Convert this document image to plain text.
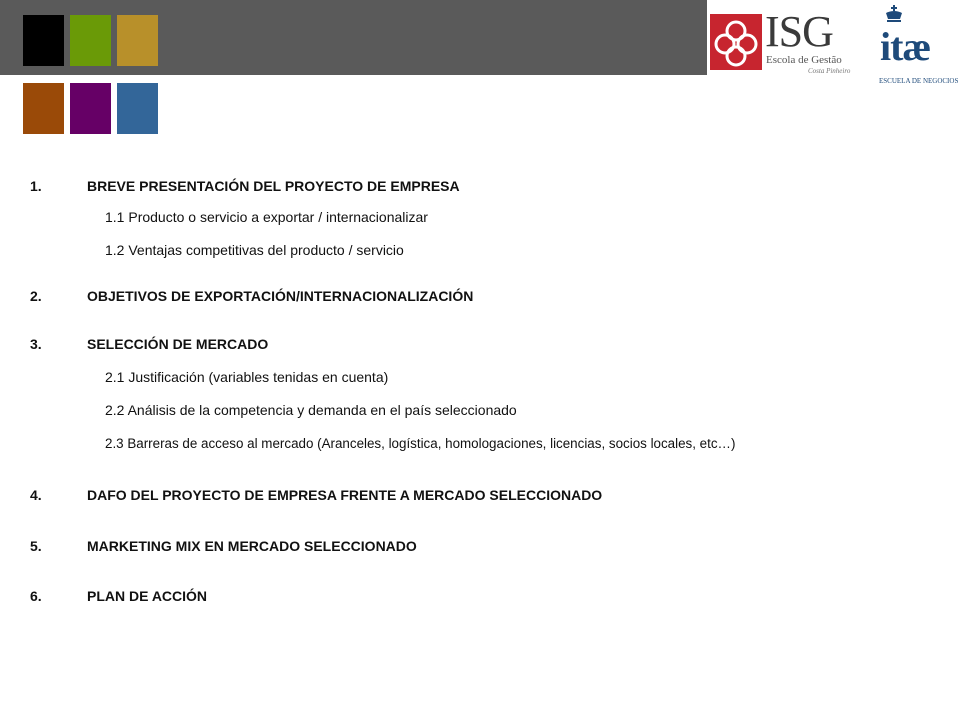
ISG
Escola de Gestão
Costa Pinheiro
itæ
ESCUELA DE NEGOCIOS
1.	BREVE PRESENTACIÓN DEL PROYECTO DE EMPRESA
1.1 Producto o servicio a exportar / internacionalizar
1.2 Ventajas competitivas del producto / servicio
2.	OBJETIVOS DE EXPORTACIÓN/INTERNACIONALIZACIÓN
3.	SELECCIÓN DE MERCADO
2.1 Justificación (variables tenidas en cuenta)
2.2 Análisis de la competencia y demanda en el país seleccionado
2.3 Barreras de acceso al mercado (Aranceles, logística, homologaciones, licencias, socios locales, etc…)
4.	DAFO DEL PROYECTO DE EMPRESA FRENTE A MERCADO SELECCIONADO
5.	MARKETING MIX EN MERCADO SELECCIONADO
6.	PLAN DE ACCIÓN
